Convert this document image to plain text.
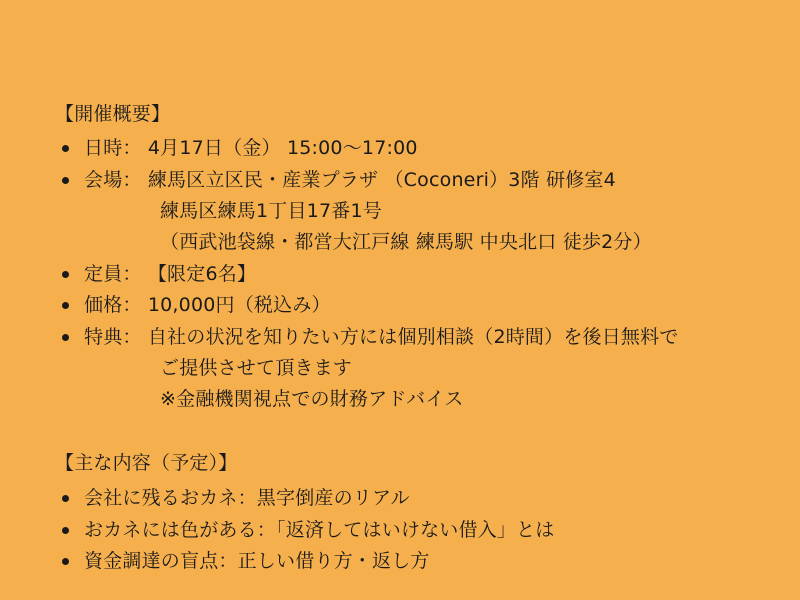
【開催概要】
日時： 4月17日（金） 15:00〜17:00
会場： 練馬区立区民・産業プラザ （Coconeri）3階 研修室4
練馬区練馬1丁目17番1号
（西武池袋線・都営大江戸線 練馬駅 中央北口 徒歩2分）
定員： 【限定6名】
価格： 10,000円（税込み）
特典： 自社の状況を知りたい方には個別相談（2時間）を後日無料で
ご提供させて頂きます
※金融機関視点での財務アドバイス
【主な内容（予定）】
会社に残るおカネ：黒字倒産のリアル
おカネには色がある：「返済してはいけない借入」とは
資金調達の盲点：正しい借り方・返し方
